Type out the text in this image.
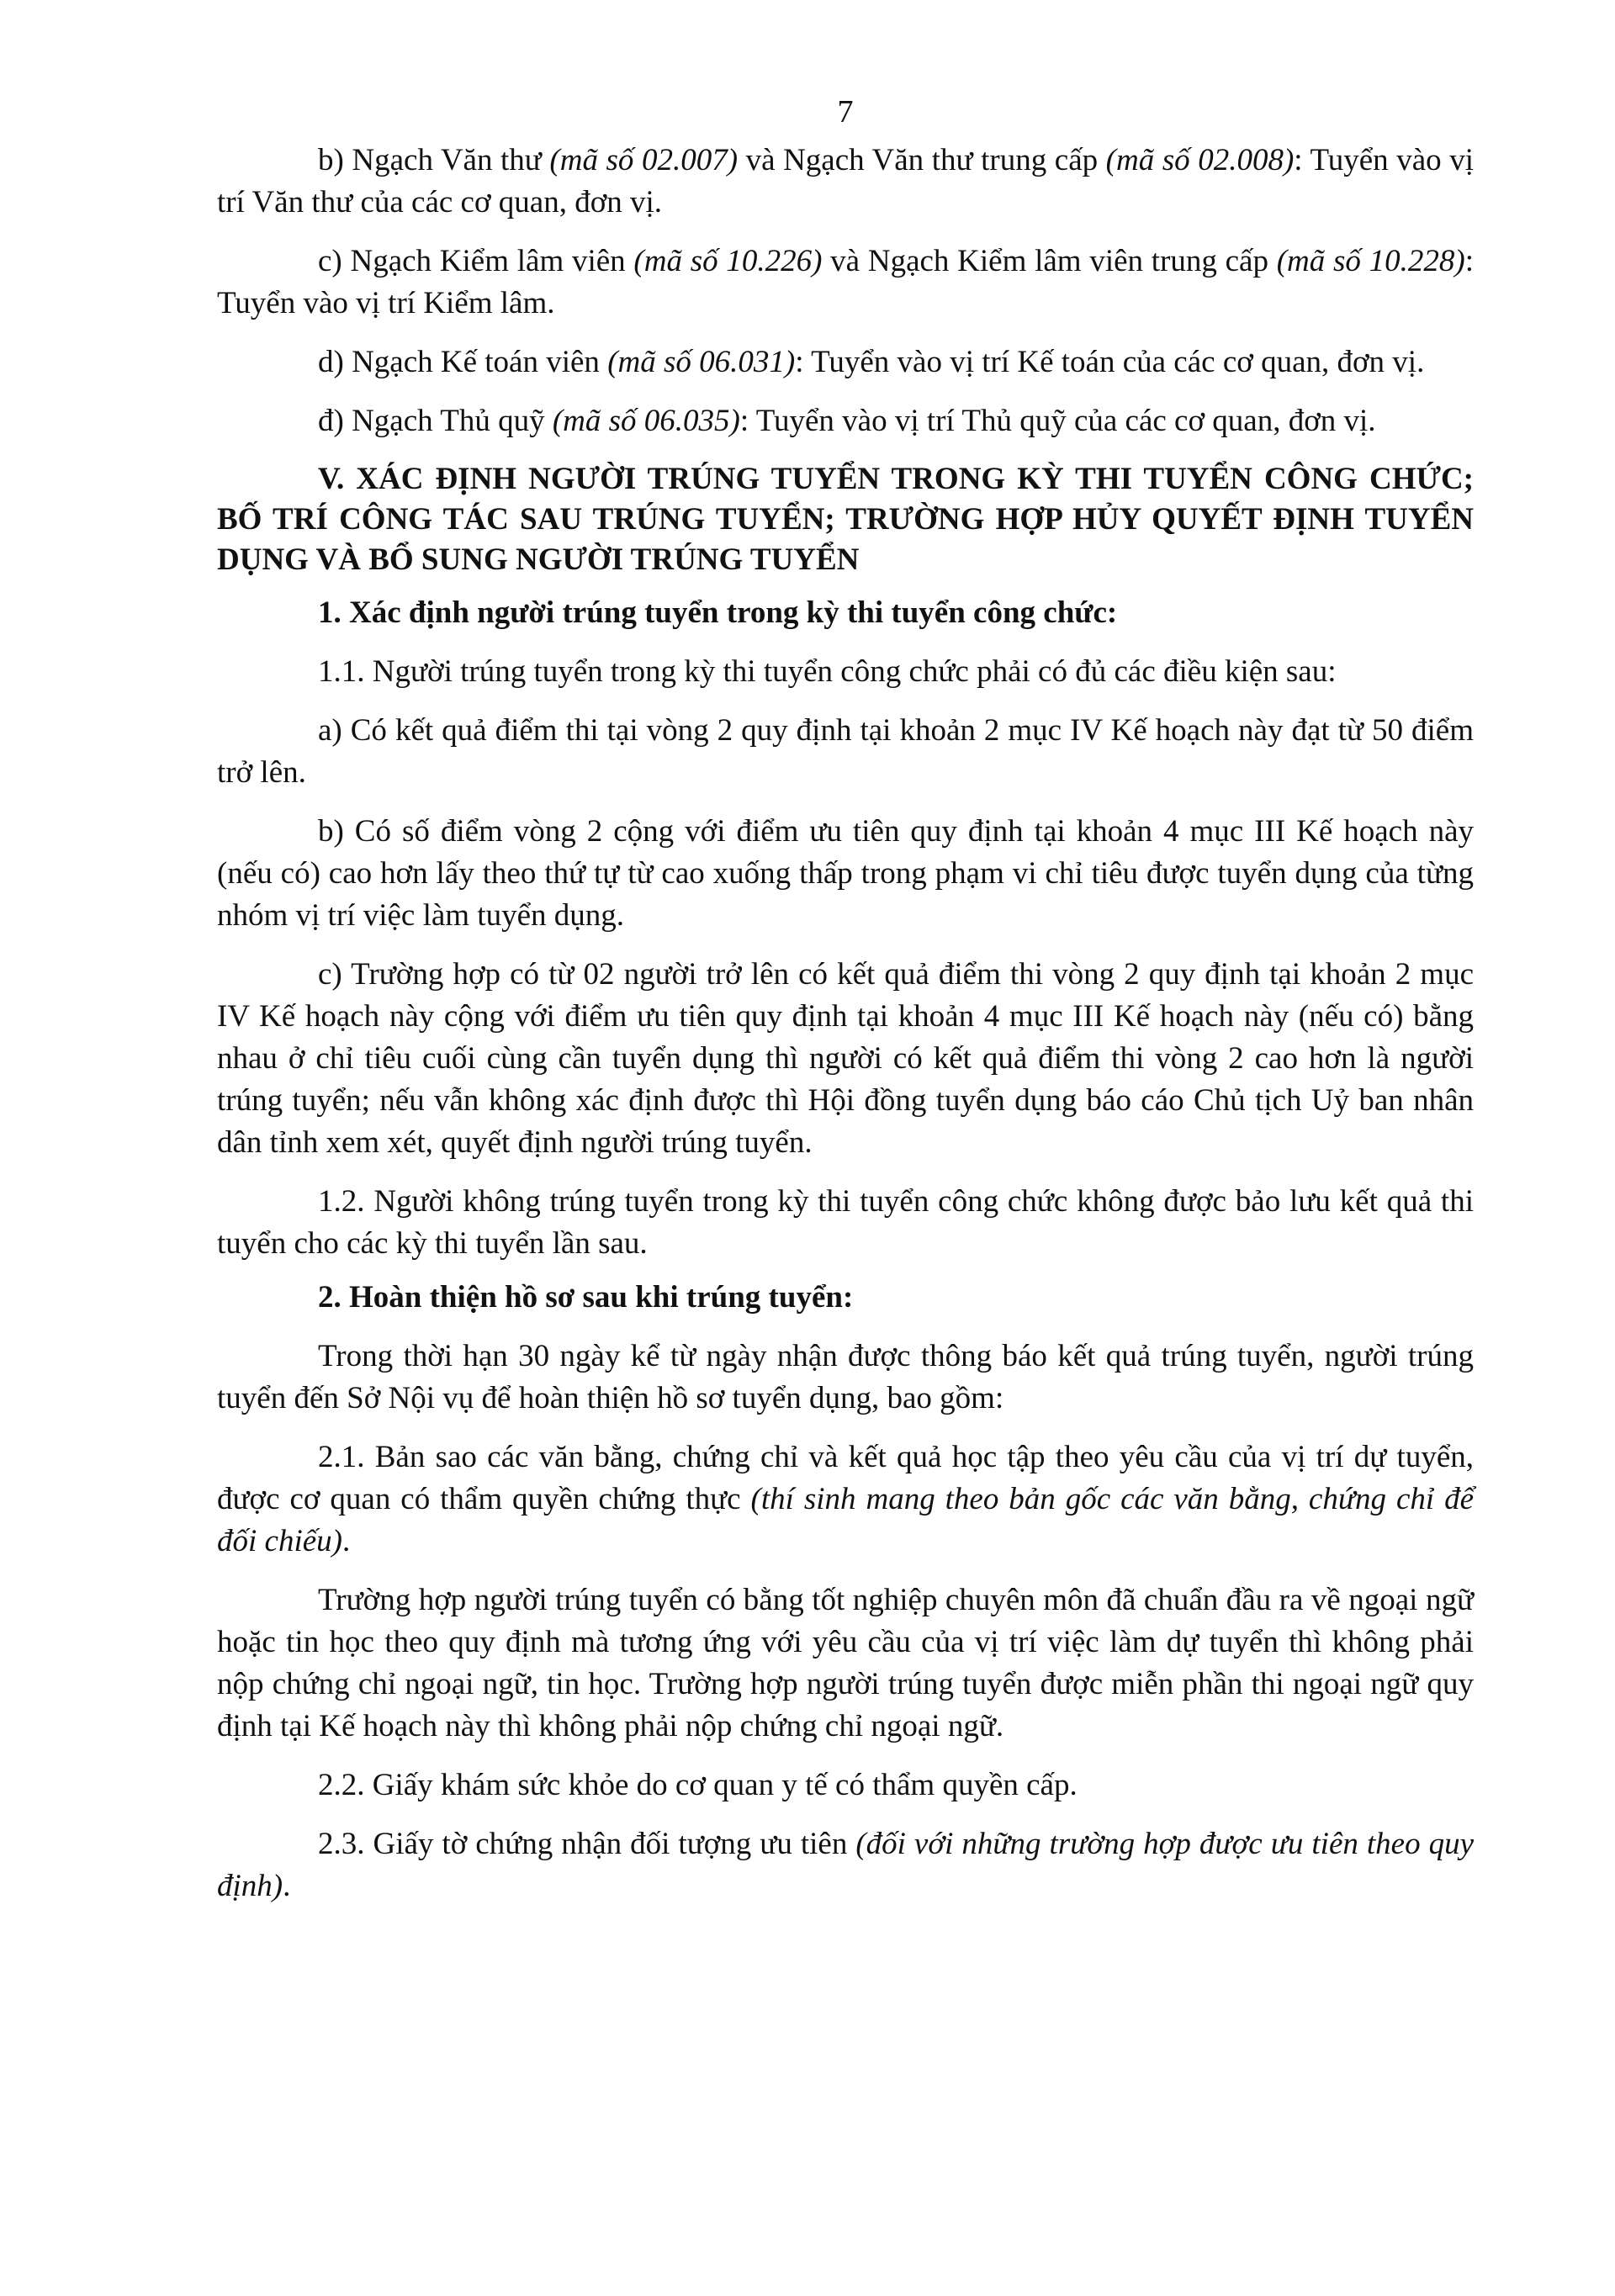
7

b) Ngạch Văn thư (mã số 02.007) và Ngạch Văn thư trung cấp (mã số 02.008): Tuyển vào vị trí Văn thư của các cơ quan, đơn vị.

c) Ngạch Kiểm lâm viên (mã số 10.226) và Ngạch Kiểm lâm viên trung cấp (mã số 10.228): Tuyển vào vị trí Kiểm lâm.

d) Ngạch Kế toán viên (mã số 06.031): Tuyển vào vị trí Kế toán của các cơ quan, đơn vị.

đ) Ngạch Thủ quỹ (mã số 06.035): Tuyển vào vị trí Thủ quỹ của các cơ quan, đơn vị.

V. XÁC ĐỊNH NGƯỜI TRÚNG TUYỂN TRONG KỲ THI TUYỂN CÔNG CHỨC; BỐ TRÍ CÔNG TÁC SAU TRÚNG TUYỂN; TRƯỜNG HỢP HỦY QUYẾT ĐỊNH TUYỂN DỤNG VÀ BỔ SUNG NGƯỜI TRÚNG TUYỂN

1. Xác định người trúng tuyển trong kỳ thi tuyển công chức:

1.1. Người trúng tuyển trong kỳ thi tuyển công chức phải có đủ các điều kiện sau:

a) Có kết quả điểm thi tại vòng 2 quy định tại khoản 2 mục IV Kế hoạch này đạt từ 50 điểm trở lên.

b) Có số điểm vòng 2 cộng với điểm ưu tiên quy định tại khoản 4 mục III Kế hoạch này (nếu có) cao hơn lấy theo thứ tự từ cao xuống thấp trong phạm vi chỉ tiêu được tuyển dụng của từng nhóm vị trí việc làm tuyển dụng.

c) Trường hợp có từ 02 người trở lên có kết quả điểm thi vòng 2 quy định tại khoản 2 mục IV Kế hoạch này cộng với điểm ưu tiên quy định tại khoản 4 mục III Kế hoạch này (nếu có) bằng nhau ở chỉ tiêu cuối cùng cần tuyển dụng thì người có kết quả điểm thi vòng 2 cao hơn là người trúng tuyển; nếu vẫn không xác định được thì Hội đồng tuyển dụng báo cáo Chủ tịch Uỷ ban nhân dân tỉnh xem xét, quyết định người trúng tuyển.

1.2. Người không trúng tuyển trong kỳ thi tuyển công chức không được bảo lưu kết quả thi tuyển cho các kỳ thi tuyển lần sau.

2. Hoàn thiện hồ sơ sau khi trúng tuyển:

Trong thời hạn 30 ngày kể từ ngày nhận được thông báo kết quả trúng tuyển, người trúng tuyển đến Sở Nội vụ để hoàn thiện hồ sơ tuyển dụng, bao gồm:

2.1. Bản sao các văn bằng, chứng chỉ và kết quả học tập theo yêu cầu của vị trí dự tuyển, được cơ quan có thẩm quyền chứng thực (thí sinh mang theo bản gốc các văn bằng, chứng chỉ để đối chiếu).

Trường hợp người trúng tuyển có bằng tốt nghiệp chuyên môn đã chuẩn đầu ra về ngoại ngữ hoặc tin học theo quy định mà tương ứng với yêu cầu của vị trí việc làm dự tuyển thì không phải nộp chứng chỉ ngoại ngữ, tin học. Trường hợp người trúng tuyển được miễn phần thi ngoại ngữ quy định tại Kế hoạch này thì không phải nộp chứng chỉ ngoại ngữ.

2.2. Giấy khám sức khỏe do cơ quan y tế có thẩm quyền cấp.

2.3. Giấy tờ chứng nhận đối tượng ưu tiên (đối với những trường hợp được ưu tiên theo quy định).
